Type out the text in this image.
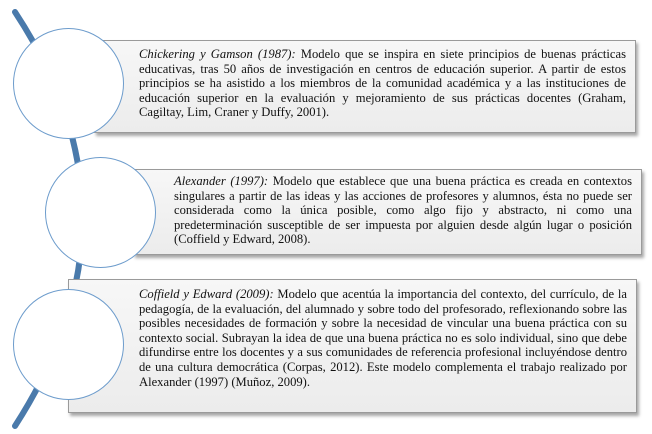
Chickering y Gamson (1987): Modelo que se inspira en siete principios de buenas prácticas educativas, tras 50 años de investigación en centros de educación superior. A partir de estos principios se ha asistido a los miembros de la comunidad académica y a las instituciones de educación superior en la evaluación y mejoramiento de sus prácticas docentes (Graham, Cagiltay, Lim, Craner y Duffy, 2001).

Alexander (1997): Modelo que establece que una buena práctica es creada en contextos singulares a partir de las ideas y las acciones de profesores y alumnos, ésta no puede ser considerada como la única posible, como algo fijo y abstracto, ni como una predeterminación susceptible de ser impuesta por alguien desde algún lugar o posición (Coffield y Edward, 2008).

Coffield y Edward (2009): Modelo que acentúa la importancia del contexto, del currículo, de la pedagogía, de la evaluación, del alumnado y sobre todo del profesorado, reflexionando sobre las posibles necesidades de formación y sobre la necesidad de vincular una buena práctica con su contexto social. Subrayan la idea de que una buena práctica no es solo individual, sino que debe difundirse entre los docentes y a sus comunidades de referencia profesional incluyéndose dentro de una cultura democrática (Corpas, 2012). Este modelo complementa el trabajo realizado por Alexander (1997) (Muñoz, 2009).
